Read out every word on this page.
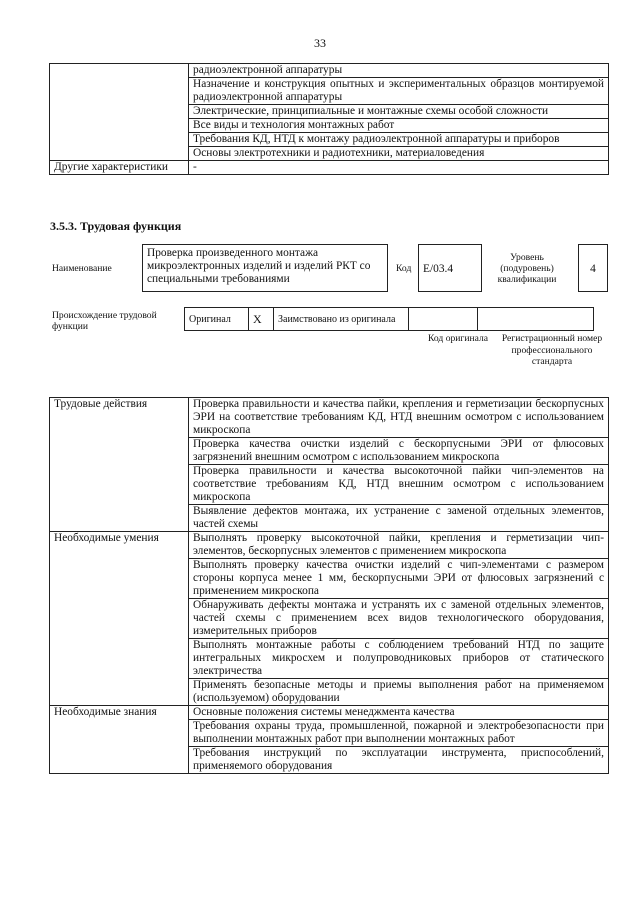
33
	радиоэлектронной аппаратуры
	Назначение и конструкция опытных и экспериментальных образцов монтируемой радиоэлектронной аппаратуры
	Электрические, принципиальные и монтажные схемы особой сложности
	Все виды и технология монтажных работ
	Требования КД, НТД к монтажу радиоэлектронной аппаратуры и приборов
	Основы электротехники и радиотехники, материаловедения
Другие характеристики	-
3.5.3. Трудовая функция
Наименование
Проверка произведенного монтажа микроэлектронных изделий и изделий РКТ со специальными требованиями
Код	E/03.4
Уровень (подуровень) квалификации
4
Происхождение трудовой функции
Оригинал	X	Заимствовано из оригинала		
Код оригинала	Регистрационный номер профессионального стандарта
Трудовые действия	Проверка правильности и качества пайки, крепления и герметизации бескорпусных ЭРИ на соответствие требованиям КД, НТД внешним осмотром с использованием микроскопа
	Проверка качества очистки изделий с бескорпусными ЭРИ от флюсовых загрязнений внешним осмотром с использованием микроскопа
	Проверка правильности и качества высокоточной пайки чип-элементов на соответствие требованиям КД, НТД внешним осмотром с использованием микроскопа
	Выявление дефектов монтажа, их устранение с заменой отдельных элементов, частей схемы
Необходимые умения	Выполнять проверку высокоточной пайки, крепления и герметизации чип-элементов, бескорпусных элементов с применением микроскопа
	Выполнять проверку качества очистки изделий с чип-элементами с размером стороны корпуса менее 1 мм, бескорпусными ЭРИ от флюсовых загрязнений с применением микроскопа
	Обнаруживать дефекты монтажа и устранять их с заменой отдельных элементов, частей схемы с применением всех видов технологического оборудования, измерительных приборов
	Выполнять монтажные работы с соблюдением требований НТД по защите интегральных микросхем и полупроводниковых приборов от статического электричества
	Применять безопасные методы и приемы выполнения работ на применяемом (используемом) оборудовании
Необходимые знания	Основные положения системы менеджмента качества
	Требования охраны труда, промышленной, пожарной и электробезопасности при выполнении монтажных работ при выполнении монтажных работ
	Требования инструкций по эксплуатации инструмента, приспособлений, применяемого оборудования
